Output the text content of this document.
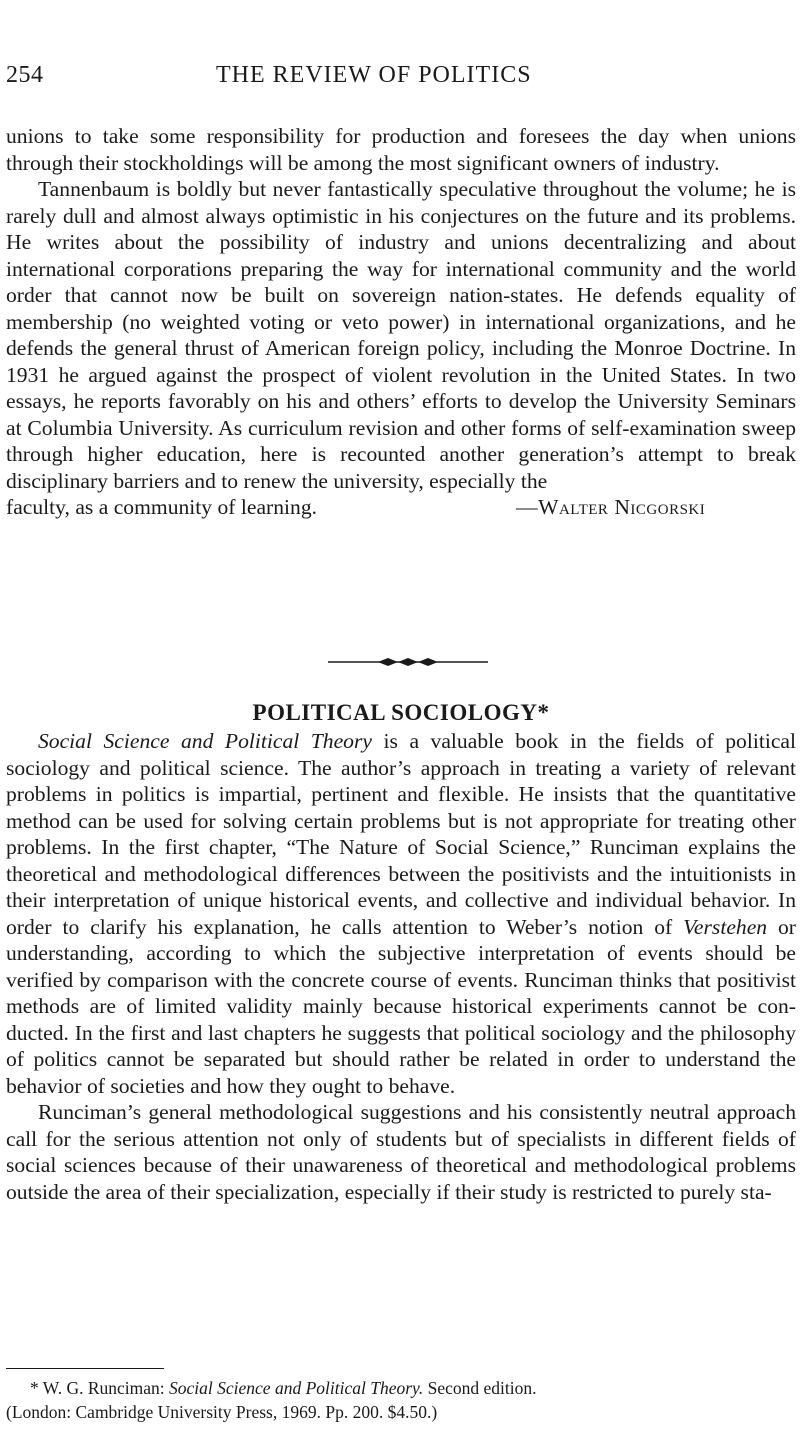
254	THE REVIEW OF POLITICS

unions to take some responsibility for production and foresees the day when unions through their stockholdings will be among the most significant owners of industry.

Tannenbaum is boldly but never fantastically speculative throughout the volume; he is rarely dull and almost always optimistic in his conjectures on the future and its problems. He writes about the possibility of industry and unions decentralizing and about international corporations preparing the way for international community and the world order that cannot now be built on sovereign nation-states. He defends equality of membership (no weighted voting or veto power) in international organizations, and he defends the general thrust of American foreign policy, including the Monroe Doctrine. In 1931 he argued against the prospect of violent revolution in the United States. In two essays, he reports favorably on his and others’ efforts to develop the University Seminars at Columbia University. As curriculum revision and other forms of self-examination sweep through higher education, here is recounted another generation’s attempt to break disciplinary barriers and to renew the university, especially the

faculty, as a community of learning.	—Walter Nicgorski

POLITICAL SOCIOLOGY*

Social Science and Political Theory is a valuable book in the fields of political sociology and political science. The author’s approach in treating a variety of relevant problems in politics is impartial, pertinent and flexible. He insists that the quantitative method can be used for solving certain problems but is not appropriate for treating other problems. In the first chapter, “The Nature of Social Science,” Runciman explains the theoretical and methodological differences between the positivists and the intuitionists in their interpretation of unique historical events, and collective and individual behavior. In order to clarify his explanation, he calls attention to Weber’s notion of Verstehen or understanding, according to which the subjective interpretation of events should be verified by comparison with the concrete course of events. Runciman thinks that positivist methods are of limited validity mainly because historical experiments cannot be conducted. In the first and last chapters he suggests that political sociology and the philosophy of politics cannot be separated but should rather be related in order to understand the behavior of societies and how they ought to behave.

Runciman’s general methodological suggestions and his consistently neutral approach call for the serious attention not only of students but of specialists in different fields of social sciences because of their unawareness of theoretical and methodological problems outside the area of their specialization, especially if their study is restricted to purely sta-

* W. G. Runciman: Social Science and Political Theory. Second edition.

(London: Cambridge University Press, 1969. Pp. 200. $4.50.)
